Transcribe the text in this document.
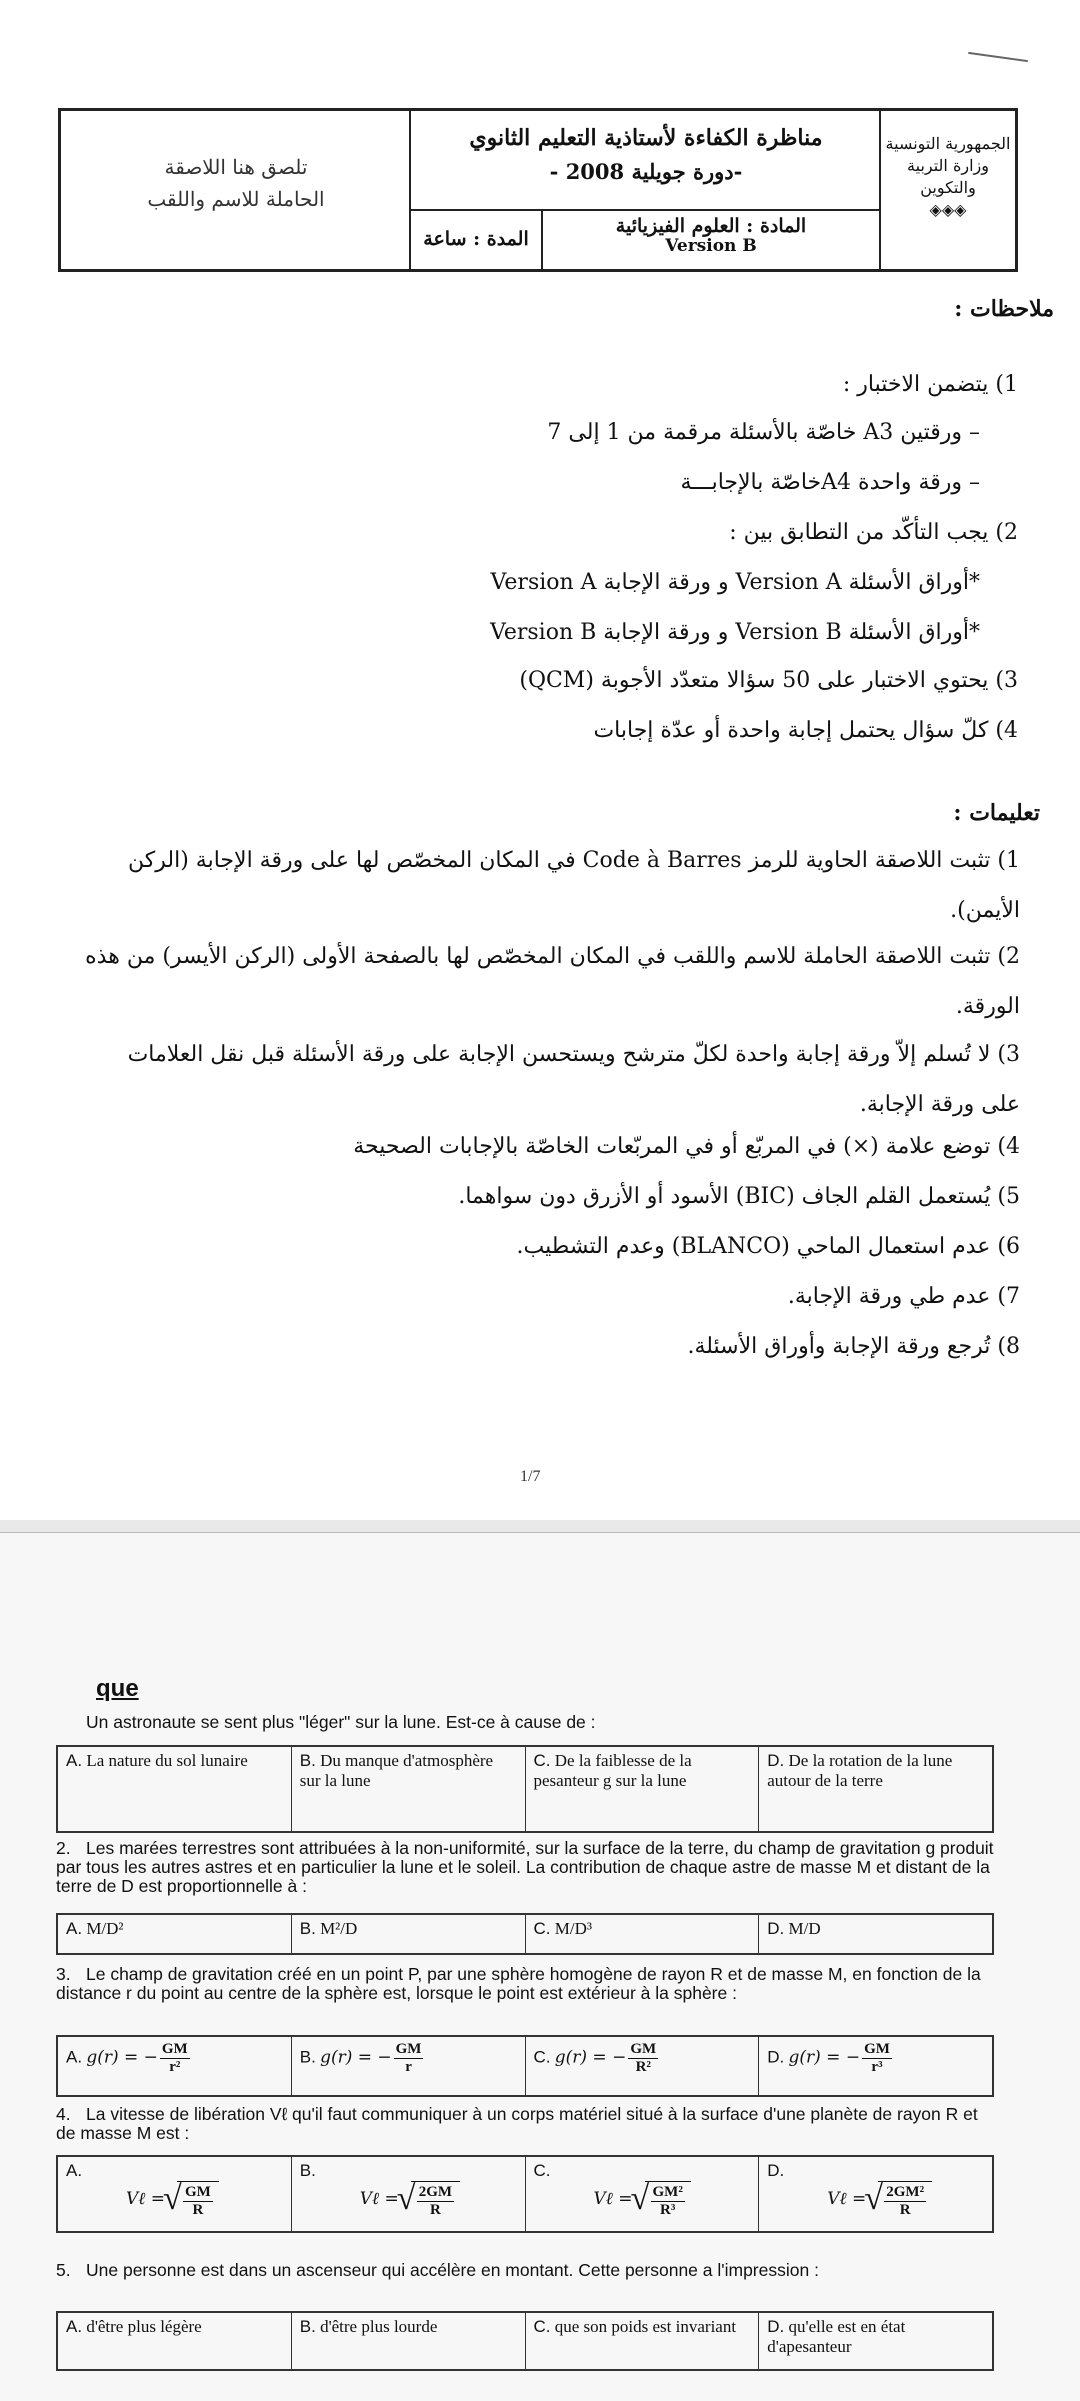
تلصق هنا اللاصقة
الحاملة للاسم واللقب
مناظرة الكفاءة لأستاذية التعليم الثانوي
-دورة جويلية 2008 -
المدة : ساعة
المادة : العلوم الفيزيائية
Version B
الجمهورية التونسية
وزارة التربية والتكوين
◈◈◈
ملاحظات :
1) يتضمن الاختبار :
– ورقتين A3 خاصّة بالأسئلة مرقمة من 1 إلى 7
– ورقة واحدة A4خاصّة بالإجابـــة
2) يجب التأكّد من التطابق بين :
*أوراق الأسئلة Version A و ورقة الإجابة Version A
*أوراق الأسئلة Version B و ورقة الإجابة Version B
3) يحتوي الاختبار على 50 سؤالا متعدّد الأجوبة (QCM)
4) كلّ سؤال يحتمل إجابة واحدة أو عدّة إجابات
تعليمات :
1) تثبت اللاصقة الحاوية للرمز Code à Barres في المكان المخصّص لها على ورقة الإجابة (الركن الأيمن).
2) تثبت اللاصقة الحاملة للاسم واللقب في المكان المخصّص لها بالصفحة الأولى (الركن الأيسر) من هذه الورقة.
3) لا تُسلم إلاّ ورقة إجابة واحدة لكلّ مترشح ويستحسن الإجابة على ورقة الأسئلة قبل نقل العلامات على ورقة الإجابة.
4) توضع علامة (×) في المربّع أو في المربّعات الخاصّة بالإجابات الصحيحة
5) يُستعمل القلم الجاف (BIC) الأسود أو الأزرق دون سواهما.
6) عدم استعمال الماحي (BLANCO) وعدم التشطيب.
7) عدم طي ورقة الإجابة.
8) تُرجع ورقة الإجابة وأوراق الأسئلة.
1/7
que
Un astronaute se sent plus "léger" sur la lune. Est-ce à cause de :
A. La nature du sol lunaire	B. Du manque d'atmosphère sur la lune
C. De la faiblesse de la pesanteur g sur la lune
D. De la rotation de la lune autour de la terre
2. Les marées terrestres sont attribuées à la non-uniformité, sur la surface de la terre, du champ de gravitation g produit par tous les autres astres et en particulier la lune et le soleil. La contribution de chaque astre de masse M et distant de la terre de D est proportionnelle à :
A. M/D²	B. M²/D	C. M/D³	D. M/D
3. Le champ de gravitation créé en un point P, par une sphère homogène de rayon R et de masse M, en fonction de la distance r du point au centre de la sphère est, lorsque le point est extérieur à la sphère :
A. g(r) = − $\frac{GM}{\text{r²}}$	B. g(r) = − $\frac{GM}{r}$	C. g(r) = − $\frac{GM}{\text{R²}}$	D. g(r) = − $\frac{GM}{\text{r³}}$
4. La vitesse de libération Vℓ qu'il faut communiquer à un corps matériel situé à la surface d'une planète de rayon R et de masse M est :
A.
Vℓ = √ $\frac{GM}{R}$
B.
Vℓ = √ $\frac{2GM}{R}$
C.
Vℓ = √ $\frac{\text{GM²}}{\text{R³}}$
D.
Vℓ = √ $\frac{\text{2GM²}}{R}$
5. Une personne est dans un ascenseur qui accélère en montant. Cette personne a l'impression :
A. d'être plus légère	B. d'être plus lourde	C. que son poids est invariant	D. qu'elle est en état d'apesanteur
